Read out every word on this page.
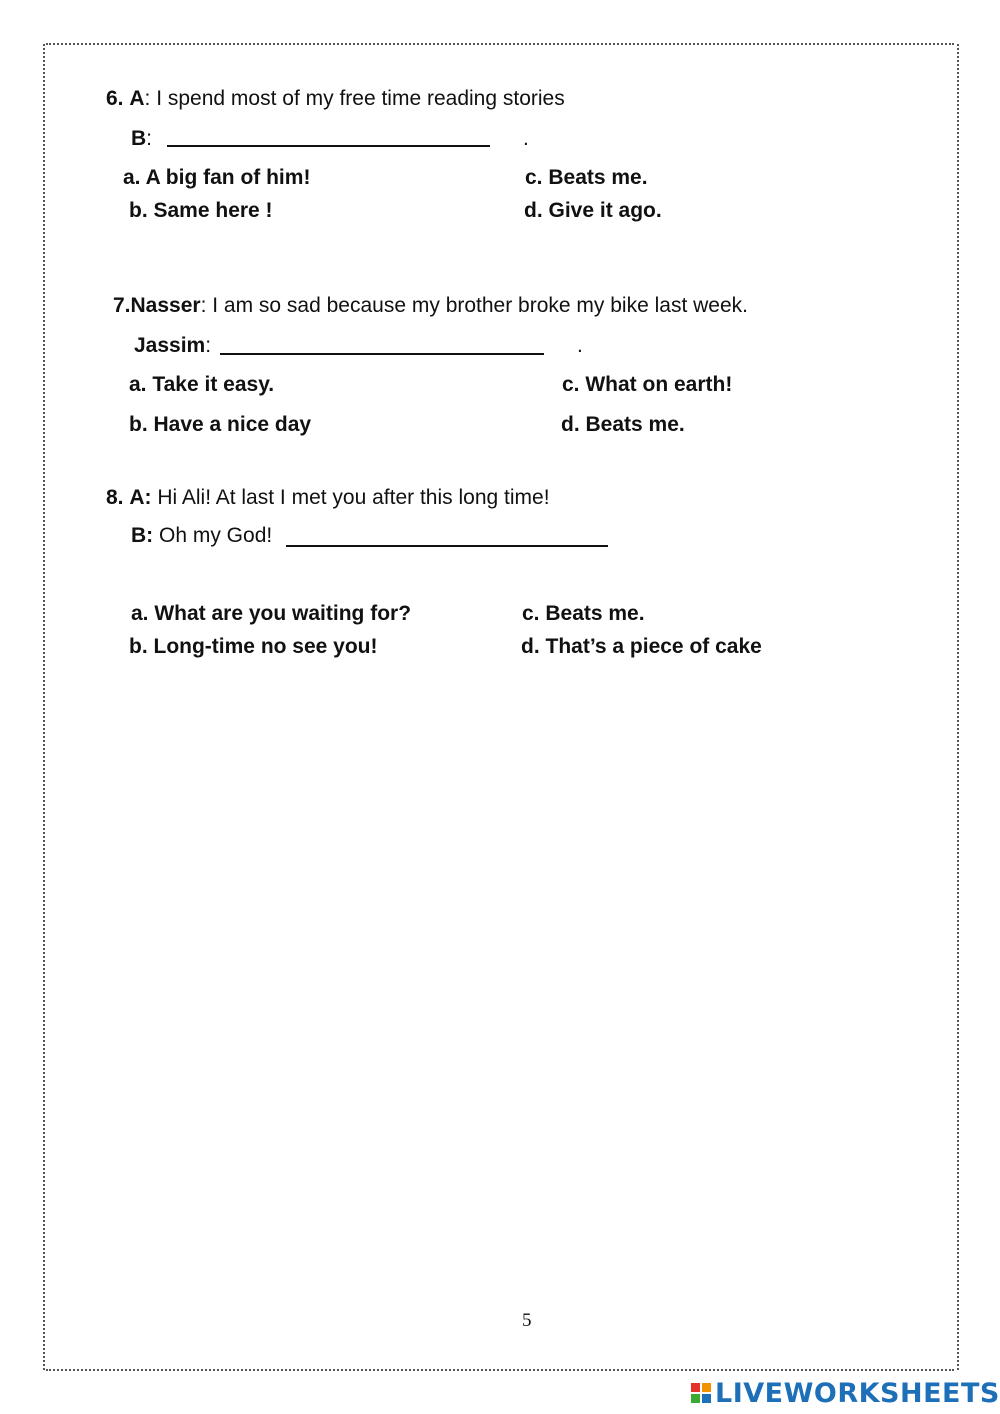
6. A: I spend most of my free time reading stories
B:	.
a. A big fan of him!
b. Same here !
c. Beats me.
d. Give it ago.
7.Nasser: I am so sad because my brother broke my bike last week.
Jassim:	.
a. Take it easy.
b. Have a nice day
c. What on earth!
d. Beats me.
8. A: Hi Ali! At last I met you after this long time!
B: Oh my God!
a. What are you waiting for?
b. Long-time no see you!
c. Beats me.
d. That’s a piece of cake
5
LIVEWORKSHEETS
